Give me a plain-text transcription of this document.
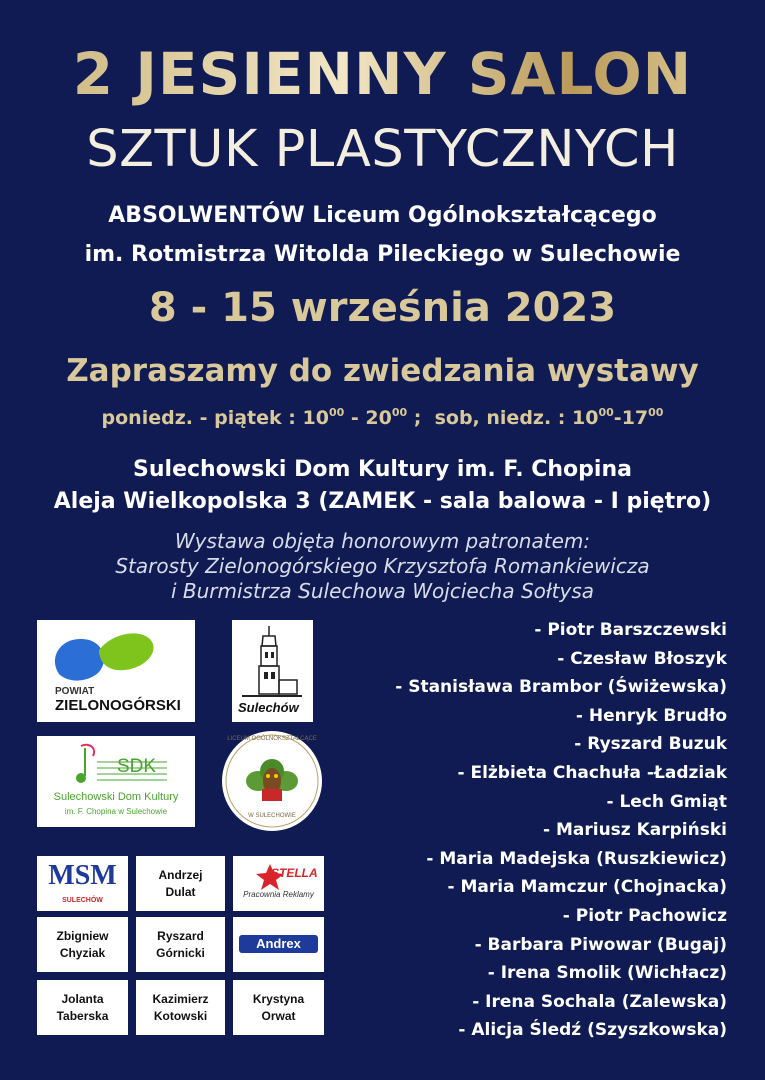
2 JESIENNY SALON
SZTUK PLASTYCZNYCH
ABSOLWENTÓW Liceum Ogólnokształcącego
im. Rotmistrza Witolda Pileckiego w Sulechowie
8 - 15 września 2023
Zapraszamy do zwiedzania wystawy
poniedz. - piątek : $10^{00} - 20^{00}$ ;  sob, niedz. : $10^{00}-17^{00}$
Sulechowski Dom Kultury im. F. Chopina
Aleja Wielkopolska 3 (ZAMEK - sala balowa - I piętro)
Wystawa objęta honorowym patronatem:
Starosty Zielonogórskiego Krzysztofa Romankiewicza
i Burmistrza Sulechowa Wojciecha Sołtysa
POWIAT
ZIELONOGÓRSKI	Sulechów
SDK
Sulechowski Dom Kultury
im. F. Chopina w Sulechowie
LICEUM OGÓLNOKSZTAŁCĄCE
W SULECHOWIE
MSM
SULECHÓW
Andrzej
Dulat
STELLA
Pracownia Reklamy
Zbigniew
Chyziak
Ryszard
Górnicki
Andrex
Jolanta
Taberska
Kazimierz
Kotowski
Krystyna
Orwat
- Piotr Barszczewski
- Czesław Błoszyk
- Stanisława Brambor (Świżewska)
- Henryk Brudło
- Ryszard Buzuk
- Elżbieta Chachuła -Ładziak
- Lech Gmiąt
- Mariusz Karpiński
- Maria Madejska (Ruszkiewicz)
- Maria Mamczur (Chojnacka)
- Piotr Pachowicz
- Barbara Piwowar (Bugaj)
- Irena Smolik (Wichłacz)
- Irena Sochala (Zalewska)
- Alicja Śledź (Szyszkowska)
